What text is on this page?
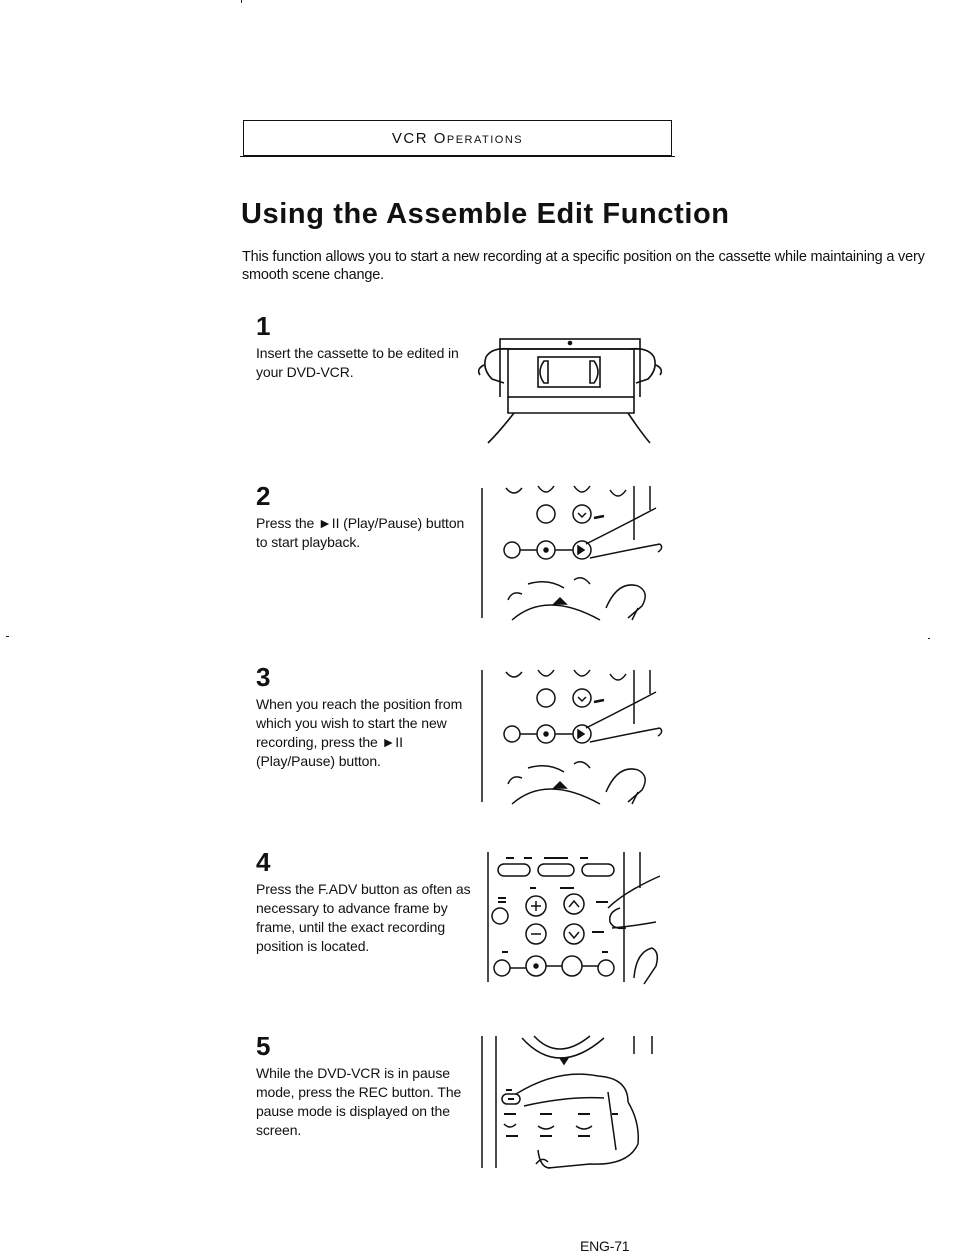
VCR Operations
Using the Assemble Edit Function

This function allows you to start a new recording at a specific position on the cassette while maintaining a very smooth scene change.

1

Insert the cassette to be edited in your DVD-VCR.

2

Press the ►II (Play/Pause) button to start playback.

3

When you reach the position from which you wish to start the new recording, press the ►II (Play/Pause) button.

4

Press the F.ADV button as often as necessary to advance frame by frame, until the exact recording position is located.

5

While the DVD-VCR is in pause mode, press the REC button. The pause mode is displayed on the screen.

ENG-71
